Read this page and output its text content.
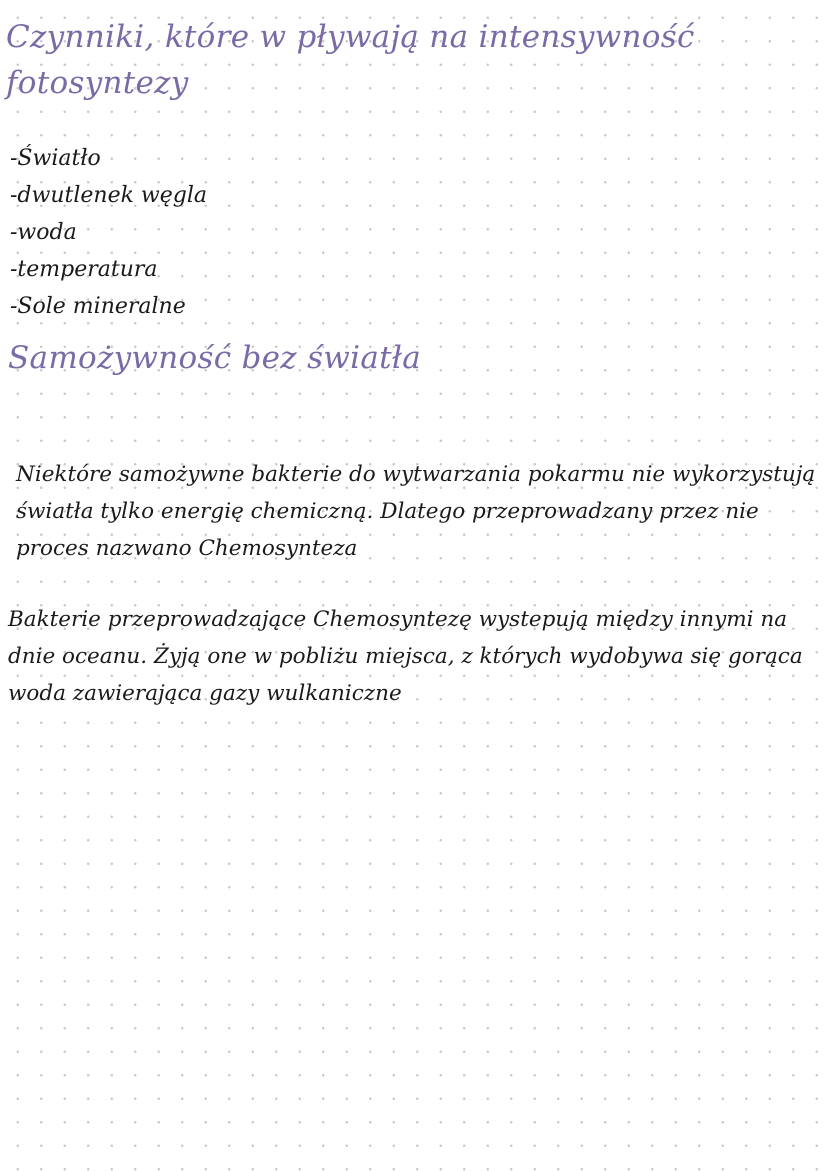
Czynniki, które w pływają na intensywność fotosyntezy
-Światło
-dwutlenek węgla
-woda
-temperatura
-Sole mineralne
Samożywność bez światła

Niektóre samożywne bakterie do wytwarzania pokarmu nie wykorzystują światła tylko energię chemiczną. Dlatego przeprowadzany przez nie proces nazwano Chemosynteza

Bakterie przeprowadzające Chemosyntezę wystepują między innymi na dnie oceanu. Żyją one w pobliżu miejsca, z których wydobywa się gorąca woda zawierająca gazy wulkaniczne
